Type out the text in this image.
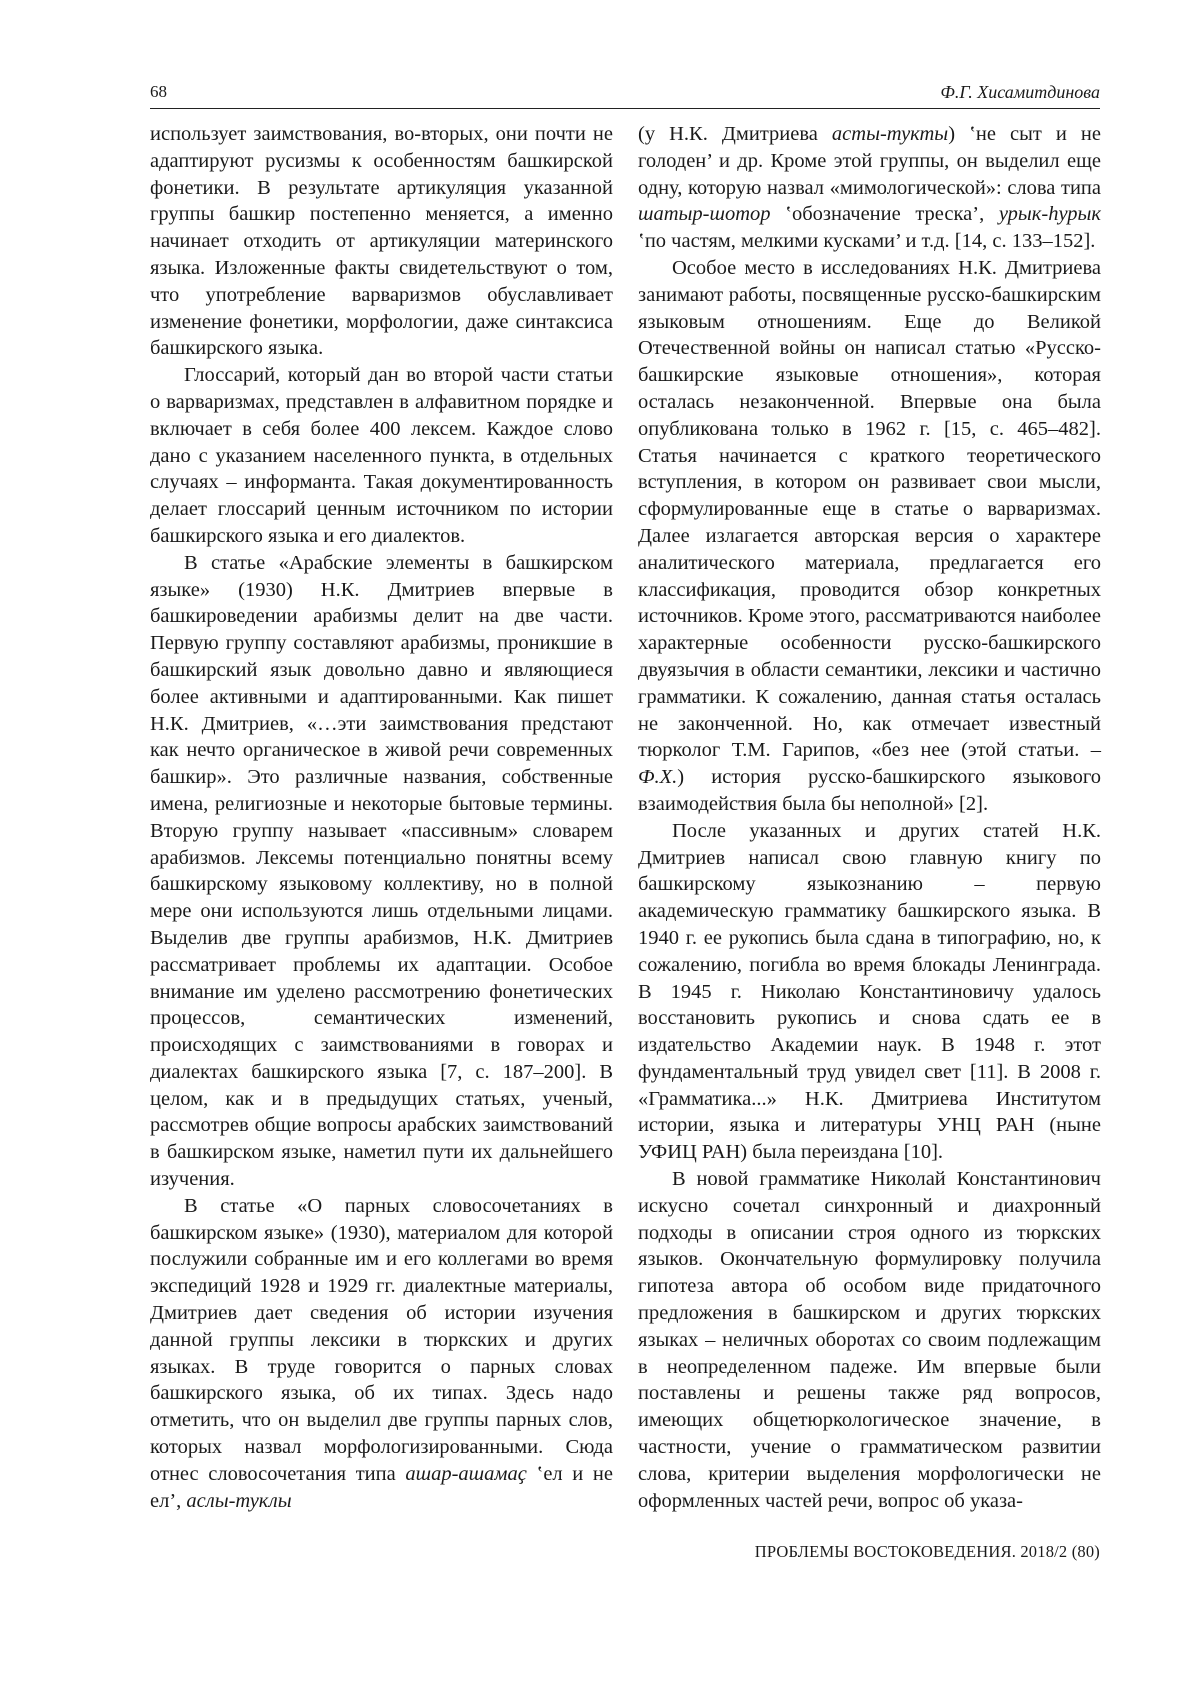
68	Ф.Г. Хисамитдинова

использует заимствования, во-вторых, они почти не адаптируют русизмы к особенностям башкирской фонетики. В результате артикуляция указанной группы башкир постепенно меняется, а именно начинает отходить от артикуляции материнского языка. Изложенные факты свидетельствуют о том, что употребление варваризмов обуславливает изменение фонетики, морфологии, даже синтаксиса башкирского языка.

Глоссарий, который дан во второй части статьи о варваризмах, представлен в алфавитном порядке и включает в себя более 400 лексем. Каждое слово дано с указанием населенного пункта, в отдельных случаях – информанта. Такая документированность делает глоссарий ценным источником по истории башкирского языка и его диалектов.

В статье «Арабские элементы в башкирском языке» (1930) Н.К. Дмитриев впервые в башкироведении арабизмы делит на две части. Первую группу составляют арабизмы, проникшие в башкирский язык довольно давно и являющиеся более активными и адаптированными. Как пишет Н.К. Дмитриев, «…эти заимствования предстают как нечто органическое в живой речи современных башкир». Это различные названия, собственные имена, религиозные и некоторые бытовые термины. Вторую группу называет «пассивным» словарем арабизмов. Лексемы потенциально понятны всему башкирскому языковому коллективу, но в полной мере они используются лишь отдельными лицами. Выделив две группы арабизмов, Н.К. Дмитриев рассматривает проблемы их адаптации. Особое внимание им уделено рассмотрению фонетических процессов, семантических изменений, происходящих с заимствованиями в говорах и диалектах башкирского языка [7, с. 187–200]. В целом, как и в предыдущих статьях, ученый, рассмотрев общие вопросы арабских заимствований в башкирском языке, наметил пути их дальнейшего изучения.

В статье «О парных словосочетаниях в башкирском языке» (1930), материалом для которой послужили собранные им и его коллегами во время экспедиций 1928 и 1929 гг. диалектные материалы, Дмитриев дает сведения об истории изучения данной группы лексики в тюркских и других языках. В труде говорится о парных словах башкирского языка, об их типах. Здесь надо отметить, что он выделил две группы парных слов, которых назвал морфологизированными. Сюда отнес словосочетания типа ашар-ашамаҫ ʽел и не ел’, аслы-туклы

(у Н.К. Дмитриева асты-тукты) ʽне сыт и не голоден’ и др. Кроме этой группы, он выделил еще одну, которую назвал «мимологической»: слова типа шатыр-шотор ʽобозначение треска’, урык-һурык ʽпо частям, мелкими кусками’ и т.д. [14, с. 133–152].

Особое место в исследованиях Н.К. Дмитриева занимают работы, посвященные русско-башкирским языковым отношениям. Еще до Великой Отечественной войны он написал статью «Русско-башкирские языковые отношения», которая осталась незаконченной. Впервые она была опубликована только в 1962 г. [15, с. 465–482]. Статья начинается с краткого теоретического вступления, в котором он развивает свои мысли, сформулированные еще в статье о варваризмах. Далее излагается авторская версия о характере аналитического материала, предлагается его классификация, проводится обзор конкретных источников. Кроме этого, рассматриваются наиболее характерные особенности русско-башкирского двуязычия в области семантики, лексики и частично грамматики. К сожалению, данная статья осталась не законченной. Но, как отмечает известный тюрколог Т.М. Гарипов, «без нее (этой статьи. – Ф.Х.) история русско-башкирского языкового взаимодействия была бы неполной» [2].

После указанных и других статей Н.К. Дмитриев написал свою главную книгу по башкирскому языкознанию – первую академическую грамматику башкирского языка. В 1940 г. ее рукопись была сдана в типографию, но, к сожалению, погибла во время блокады Ленинграда. В 1945 г. Николаю Константиновичу удалось восстановить рукопись и снова сдать ее в издательство Академии наук. В 1948 г. этот фундаментальный труд увидел свет [11]. В 2008 г. «Грамматика...» Н.К. Дмитриева Институтом истории, языка и литературы УНЦ РАН (ныне УФИЦ РАН) была переиздана [10].

В новой грамматике Николай Константинович искусно сочетал синхронный и диахронный подходы в описании строя одного из тюркских языков. Окончательную формулировку получила гипотеза автора об особом виде придаточного предложения в башкирском и других тюркских языках – неличных оборотах со своим подлежащим в неопределенном падеже. Им впервые были поставлены и решены также ряд вопросов, имеющих общетюркологическое значение, в частности, учение о грамматическом развитии слова, критерии выделения морфологически не оформленных частей речи, вопрос об указа-

ПРОБЛЕМЫ ВОСТОКОВЕДЕНИЯ. 2018/2 (80)
